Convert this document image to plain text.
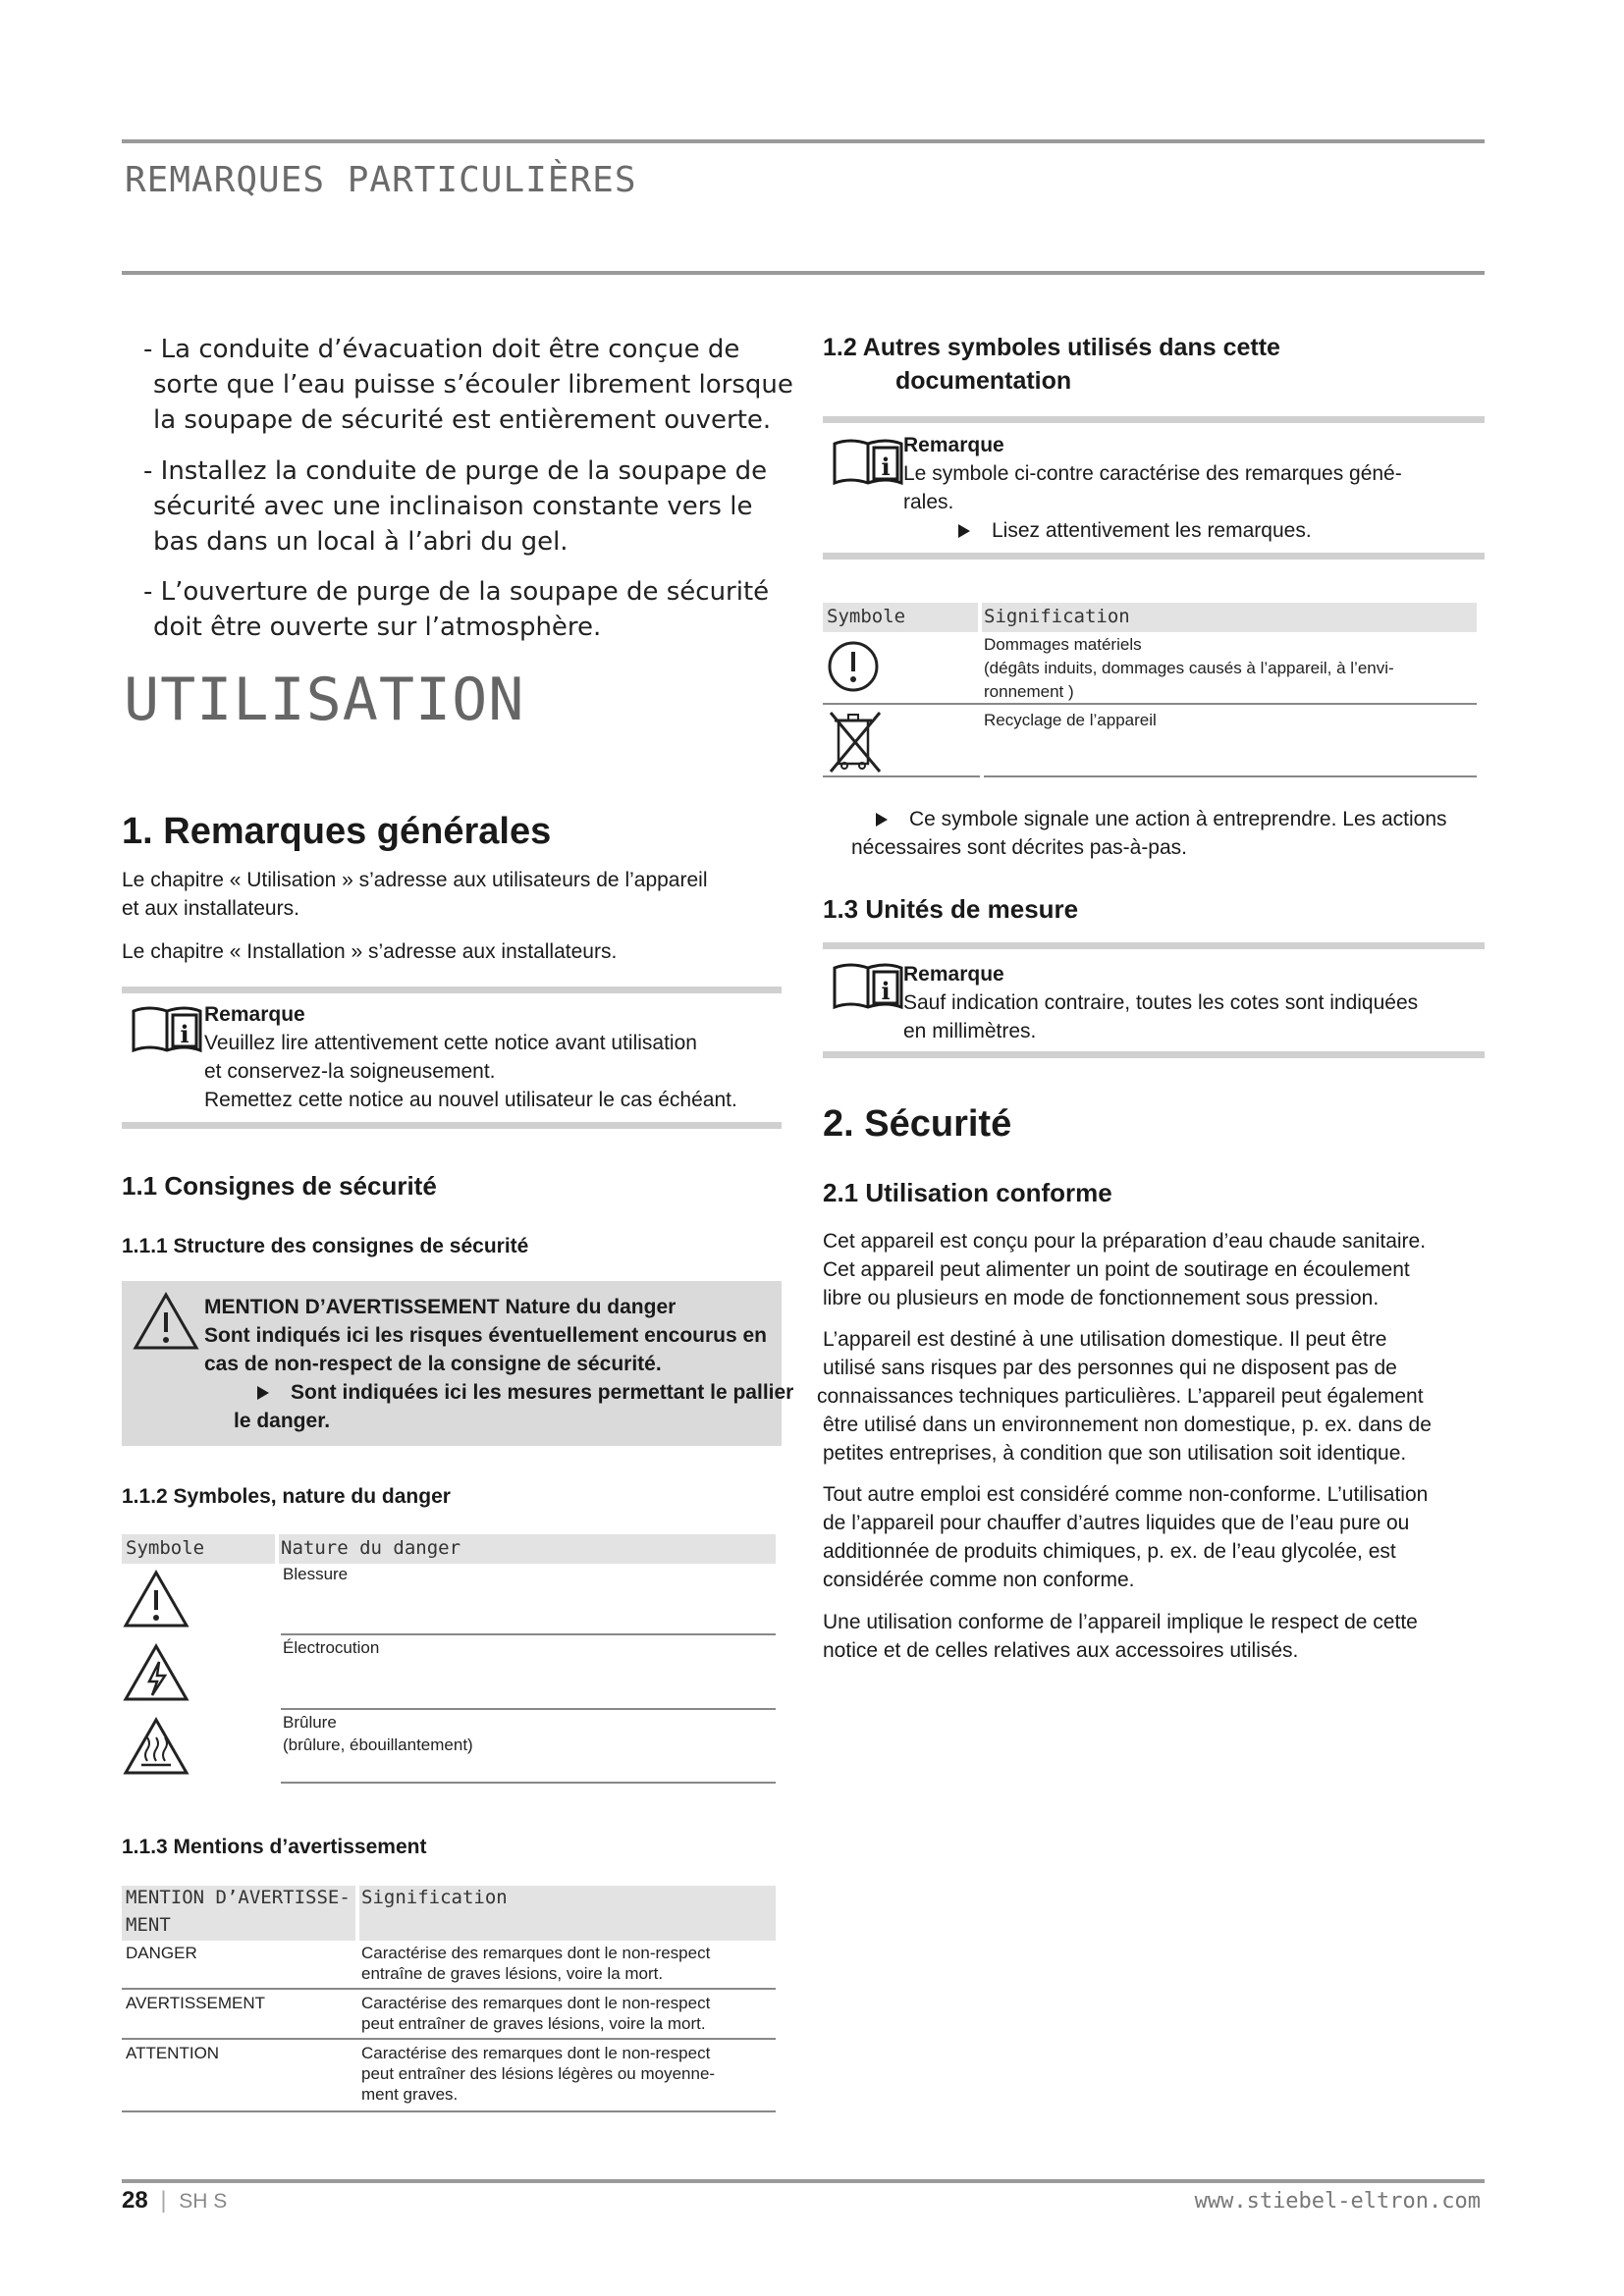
REMARQUES PARTICULIÈRES
- La conduite d’évacuation doit être conçue de
sorte que l’eau puisse s’écouler librement lorsque
la soupape de sécurité est entièrement ouverte.
- Installez la conduite de purge de la soupape de
sécurité avec une inclinaison constante vers le
bas dans un local à l’abri du gel.
- L’ouverture de purge de la soupape de sécurité
doit être ouverte sur l’atmosphère.
UTILISATION
1. Remarques générales
Le chapitre « Utilisation » s’adresse aux utilisateurs de l’appareil
et aux installateurs.
Le chapitre « Installation » s’adresse aux installateurs.
i
Remarque
Veuillez lire attentivement cette notice avant utilisation
et conservez-la soigneusement.
Remettez cette notice au nouvel utilisateur le cas échéant.
1.1 Consignes de sécurité
1.1.1 Structure des consignes de sécurité
MENTION D’AVERTISSEMENT Nature du danger
Sont indiqués ici les risques éventuellement encourus en
cas de non-respect de la consigne de sécurité.
Sont indiquées ici les mesures permettant le pallier
le danger.
1.1.2 Symboles, nature du danger
Symbole	Nature du danger
Blessure
Électrocution
Brûlure
(brûlure, ébouillantement)
1.1.3 Mentions d’avertissement
MENTION D’AVERTISSE-
MENT
Signification
DANGER	Caractérise des remarques dont le non-respect
entraîne de graves lésions, voire la mort.
AVERTISSEMENT	Caractérise des remarques dont le non-respect
peut entraîner de graves lésions, voire la mort.
ATTENTION	Caractérise des remarques dont le non-respect
peut entraîner des lésions légères ou moyenne-
ment graves.
1.2 Autres symboles utilisés dans cette
documentation
i
Remarque
Le symbole ci-contre caractérise des remarques géné-
rales.
Lisez attentivement les remarques.
Symbole	Signification
Dommages matériels
(dégâts induits, dommages causés à l’appareil, à l’envi-
ronnement )
Recyclage de l’appareil
Ce symbole signale une action à entreprendre. Les actions
nécessaires sont décrites pas-à-pas.
1.3 Unités de mesure
i
Remarque
Sauf indication contraire, toutes les cotes sont indiquées
en millimètres.
2. Sécurité
2.1 Utilisation conforme
Cet appareil est conçu pour la préparation d’eau chaude sanitaire.
Cet appareil peut alimenter un point de soutirage en écoulement
libre ou plusieurs en mode de fonctionnement sous pression.
L’appareil est destiné à une utilisation domestique. Il peut être
utilisé sans risques par des personnes qui ne disposent pas de
connaissances techniques particulières. L’appareil peut également
être utilisé dans un environnement non domestique, p. ex. dans de
petites entreprises, à condition que son utilisation soit identique.
Tout autre emploi est considéré comme non-conforme. L’utilisation
de l’appareil pour chauffer d’autres liquides que de l’eau pure ou
additionnée de produits chimiques, p. ex. de l’eau glycolée, est
considérée comme non conforme.
Une utilisation conforme de l’appareil implique le respect de cette
notice et de celles relatives aux accessoires utilisés.
28 | SH S	www.stiebel-eltron.com
